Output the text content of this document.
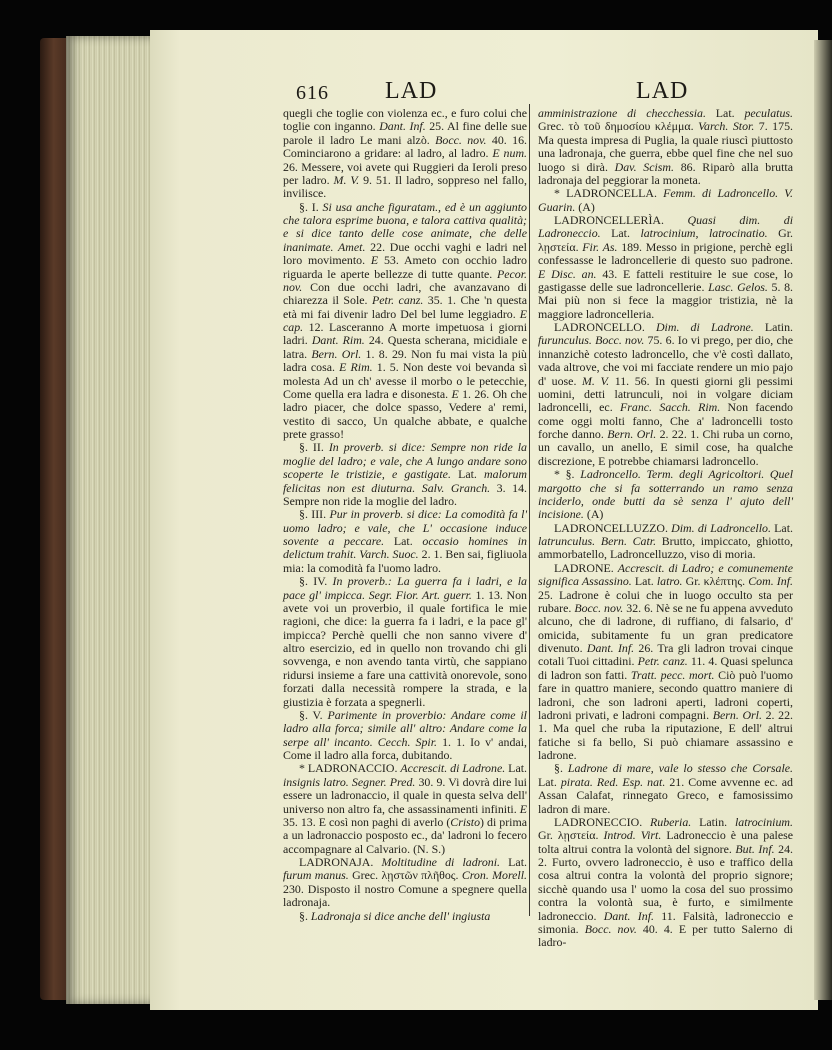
616 LAD	LAD

quegli che toglie con violenza ec., e furo colui che toglie con inganno. Dant. Inf. 25. Al fine delle sue parole il ladro Le mani alzò. Bocc. nov. 40. 16. Cominciarono a gridare: al ladro, al ladro. E num. 26. Messere, voi avete qui Ruggieri da Ieroli preso per ladro. M. V. 9. 51. Il ladro, soppreso nel fallo, invilisce.

§. I. Si usa anche figuratam., ed è un aggiunto che talora esprime buona, e talora cattiva qualità; e si dice tanto delle cose animate, che delle inanimate. Amet. 22. Due occhi vaghi e ladri nel loro movimento. E 53. Ameto con occhio ladro riguarda le aperte bellezze di tutte quante. Pecor. nov. Con due occhi ladri, che avanzavano di chiarezza il Sole. Petr. canz. 35. 1. Che 'n questa età mi fai divenir ladro Del bel lume leggiadro. E cap. 12. Lasceranno A morte impetuosa i giorni ladri. Dant. Rim. 24. Questa scherana, micidiale e latra. Bern. Orl. 1. 8. 29. Non fu mai vista la più ladra cosa. E Rim. 1. 5. Non deste voi bevanda sì molesta Ad un ch' avesse il morbo o le petecchie, Come quella era ladra e disonesta. E 1. 26. Oh che ladro piacer, che dolce spasso, Vedere a' remi, vestito di sacco, Un qualche abbate, e qualche prete grasso!

§. II. In proverb. si dice: Sempre non ride la moglie del ladro; e vale, che A lungo andare sono scoperte le tristizie, e gastigate. Lat. malorum felicitas non est diuturna. Salv. Granch. 3. 14. Sempre non ride la moglie del ladro.

§. III. Pur in proverb. si dice: La comodità fa l' uomo ladro; e vale, che L' occasione induce sovente a peccare. Lat. occasio homines in delictum trahit. Varch. Suoc. 2. 1. Ben sai, figliuola mia: la comodità fa l'uomo ladro.

§. IV. In proverb.: La guerra fa i ladri, e la pace gl' impicca. Segr. Fior. Art. guerr. 1. 13. Non avete voi un proverbio, il quale fortifica le mie ragioni, che dice: la guerra fa i ladri, e la pace gl' impicca? Perchè quelli che non sanno vivere d' altro esercizio, ed in quello non trovando chi gli sovvenga, e non avendo tanta virtù, che sappiano ridursi insieme a fare una cattività onorevole, sono forzati dalla necessità rompere la strada, e la giustizia è forzata a spegnerli.

§. V. Parimente in proverbio: Andare come il ladro alla forca; simile all' altro: Andare come la serpe all' incanto. Cecch. Spir. 1. 1. Io v' andai, Come il ladro alla forca, dubitando.

* LADRONACCIO. Accrescit. di Ladrone. Lat. insignis latro. Segner. Pred. 30. 9. Vi dovrà dire lui essere un ladronaccio, il quale in questa selva dell' universo non altro fa, che assassinamenti infiniti. E 35. 13. E così non paghi di averlo (Cristo) di prima a un ladronaccio posposto ec., da' ladroni lo fecero accompagnare al Calvario. (N. S.)

LADRONAJA. Moltitudine di ladroni. Lat. furum manus. Grec. λῃστῶν πλῆθος. Cron. Morell. 230. Disposto il nostro Comune a spegnere quella ladronaja.

§. Ladronaja si dice anche dell' ingiusta

amministrazione di checchessia. Lat. peculatus. Grec. τὸ τοῦ δημοσίου κλέμμα. Varch. Stor. 7. 175. Ma questa impresa di Puglia, la quale riuscì piuttosto una ladronaja, che guerra, ebbe quel fine che nel suo luogo si dirà. Dav. Scism. 86. Riparò alla brutta ladronaja del peggiorar la moneta.

* LADRONCELLA. Femm. di Ladroncello. V. Guarin. (A)

LADRONCELLERÌA. Quasi dim. di Ladroneccio. Lat. latrocinium, latrocinatio. Gr. λῃστεία. Fir. As. 189. Messo in prigione, perchè egli confessasse le ladroncellerie di questo suo padrone. E Disc. an. 43. E fatteli restituire le sue cose, lo gastigasse delle sue ladroncellerie. Lasc. Gelos. 5. 8. Mai più non si fece la maggior tristizia, nè la maggiore ladroncelleria.

LADRONCELLO. Dim. di Ladrone. Latin. furunculus. Bocc. nov. 75. 6. Io vi prego, per dio, che innanzichè cotesto ladroncello, che v'è costì dallato, vada altrove, che voi mi facciate rendere un mio pajo d' uose. M. V. 11. 56. In questi giorni gli pessimi uomini, detti latrunculi, noi in volgare diciam ladroncelli, ec. Franc. Sacch. Rim. Non facendo come oggi molti fanno, Che a' ladroncelli tosto forche danno. Bern. Orl. 2. 22. 1. Chi ruba un corno, un cavallo, un anello, E simil cose, ha qualche discrezione, E potrebbe chiamarsi ladroncello.

* §. Ladroncello. Term. degli Agricoltori. Quel margotto che si fa sotterrando un ramo senza inciderlo, onde butti da sè senza l' ajuto dell' incisione. (A)

LADRONCELLUZZO. Dim. di Ladroncello. Lat. latrunculus. Bern. Catr. Brutto, impiccato, ghiotto, ammorbatello, Ladroncelluzzo, viso di moria.

LADRONE. Accrescit. di Ladro; e comunemente significa Assassino. Lat. latro. Gr. κλέπτης. Com. Inf. 25. Ladrone è colui che in luogo occulto sta per rubare. Bocc. nov. 32. 6. Nè se ne fu appena avveduto alcuno, che di ladrone, di ruffiano, di falsario, d' omicida, subitamente fu un gran predicatore divenuto. Dant. Inf. 26. Tra gli ladron trovai cinque cotali Tuoi cittadini. Petr. canz. 11. 4. Quasi spelunca di ladron son fatti. Tratt. pecc. mort. Ciò può l'uomo fare in quattro maniere, secondo quattro maniere di ladroni, che son ladroni aperti, ladroni coperti, ladroni privati, e ladroni compagni. Bern. Orl. 2. 22. 1. Ma quel che ruba la riputazione, E dell' altrui fatiche si fa bello, Si può chiamare assassino e ladrone.

§. Ladrone di mare, vale lo stesso che Corsale. Lat. pirata. Red. Esp. nat. 21. Come avvenne ec. ad Assan Calafat, rinnegato Greco, e famosissimo ladron di mare.

LADRONECCIO. Ruberia. Latin. latrocinium. Gr. λῃστεία. Introd. Virt. Ladroneccio è una palese tolta altrui contra la volontà del signore. But. Inf. 24. 2. Furto, ovvero ladroneccio, è uso e traffico della cosa altrui contra la volontà del proprio signore; sicchè quando usa l' uomo la cosa del suo prossimo contra la volontà sua, è furto, e similmente ladroneccio. Dant. Inf. 11. Falsità, ladroneccio e simonia. Bocc. nov. 40. 4. E per tutto Salerno di ladro-
